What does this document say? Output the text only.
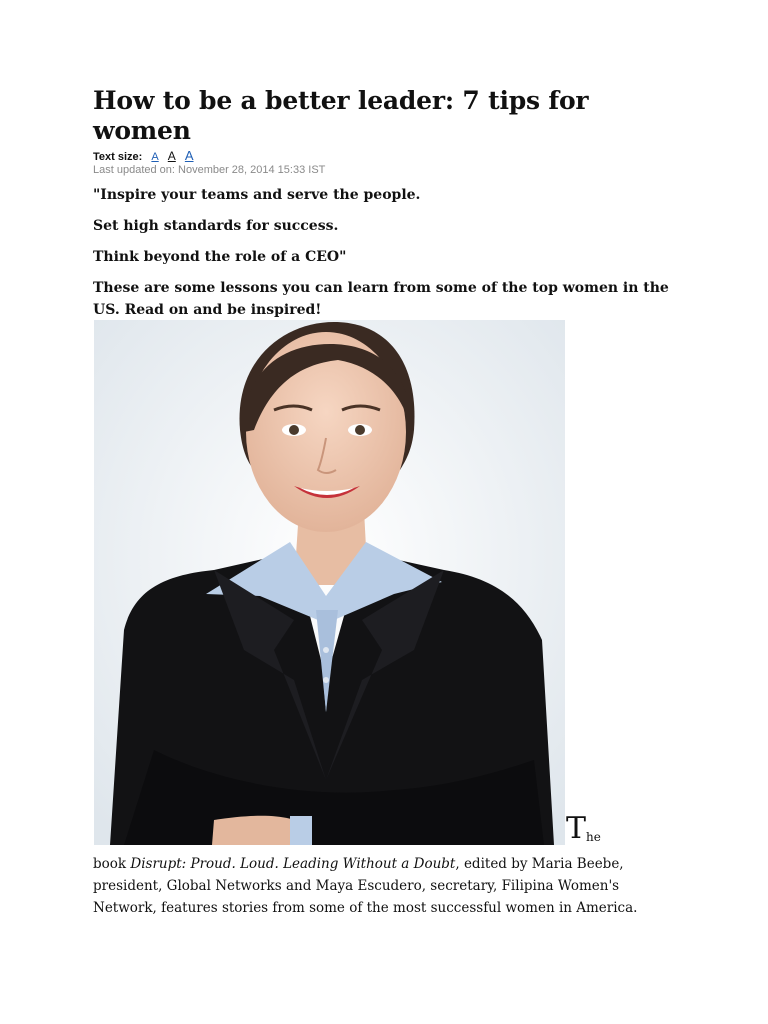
How to be a better leader: 7 tips for women
Text size: A A A
Last updated on: November 28, 2014 15:33 IST

"Inspire your teams and serve the people.

Set high standards for success.

Think beyond the role of a CEO"

These are some lessons you can learn from some of the top women in the US. Read on and be inspired!

T he
book Disrupt: Proud. Loud. Leading Without a Doubt, edited by Maria Beebe, president, Global Networks and Maya Escudero, secretary, Filipina Women's Network, features stories from some of the most successful women in America.
